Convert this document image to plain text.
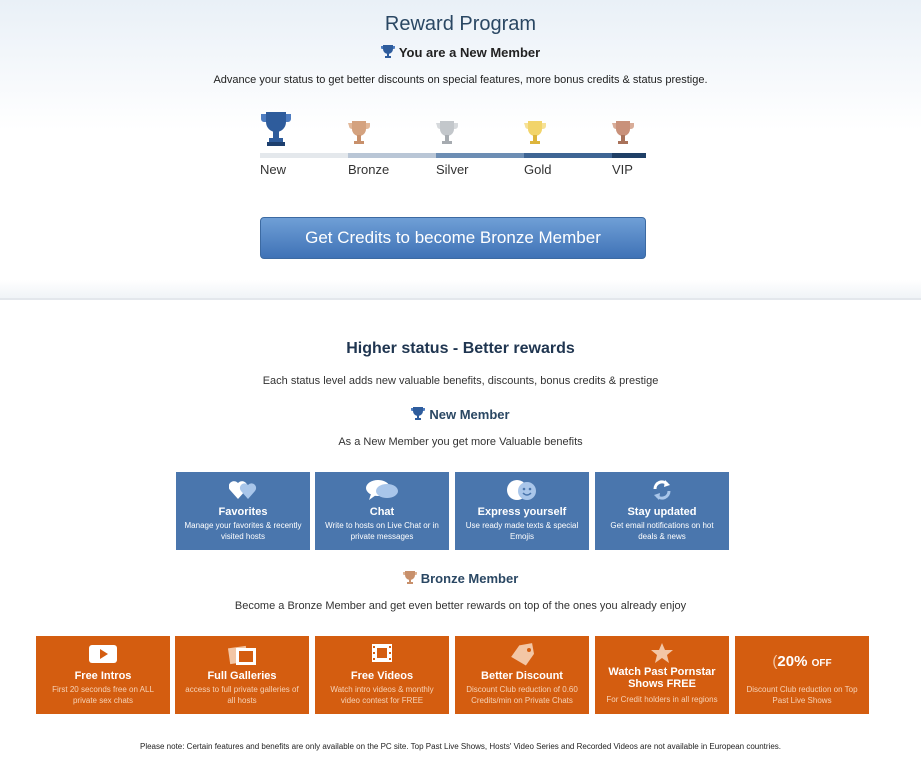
Reward Program
You are a New Member
Advance your status to get better discounts on special features, more bonus credits & status prestige.
New	Bronze	Silver	Gold	VIP
Get Credits to become Bronze Member
Higher status - Better rewards
Each status level adds new valuable benefits, discounts, bonus credits & prestige
New Member
As a New Member you get more Valuable benefits
Favorites
Manage your favorites & recently visited hosts
Chat
Write to hosts on Live Chat or in private messages
Express yourself
Use ready made texts & special Emojis
Stay updated
Get email notifications on hot deals & news
Bronze Member
Become a Bronze Member and get even better rewards on top of the ones you already enjoy
Free Intros
First 20 seconds free on ALL private sex chats
Full Galleries
access to full private galleries of all hosts
Free Videos
Watch intro videos & monthly video contest for FREE
Better Discount
Discount Club reduction of 0.60 Credits/min on Private Chats
Watch Past Pornstar Shows FREE
For Credit holders in all regions
(20% OFF
Discount Club reduction on Top Past Live Shows
Please note: Certain features and benefits are only available on the PC site. Top Past Live Shows, Hosts' Video Series and Recorded Videos are not available in European countries.
